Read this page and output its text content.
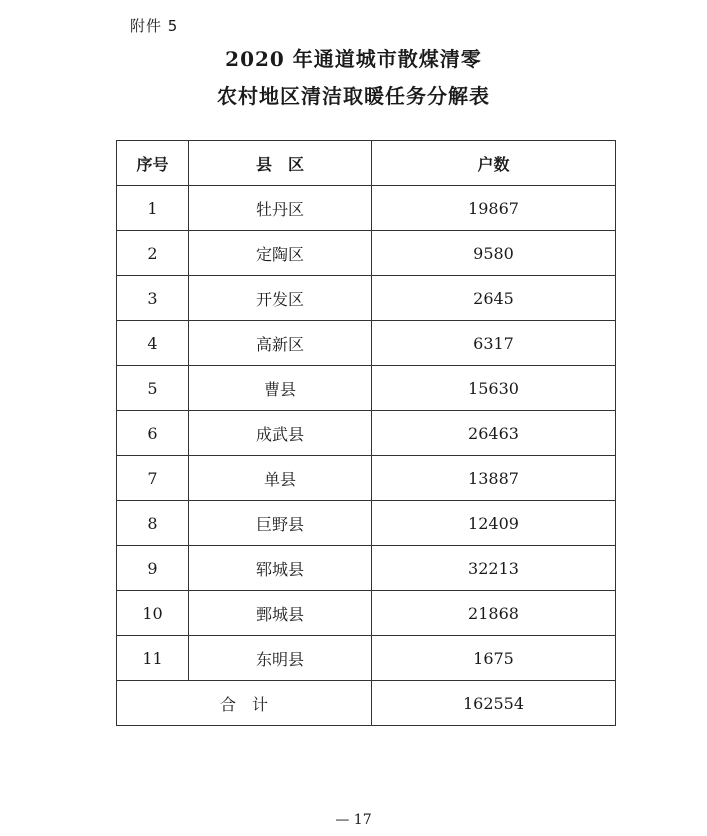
附件 5
2020 年通道城市散煤清零
农村地区清洁取暖任务分解表
序号	县　区	户数
1	牡丹区	19867
2	定陶区	9580
3	开发区	2645
4	高新区	6317
5	曹县	15630
6	成武县	26463
7	单县	13887
8	巨野县	12409
9	郓城县	32213
10	鄄城县	21868
11	东明县	1675
合　计		162554
— 17
